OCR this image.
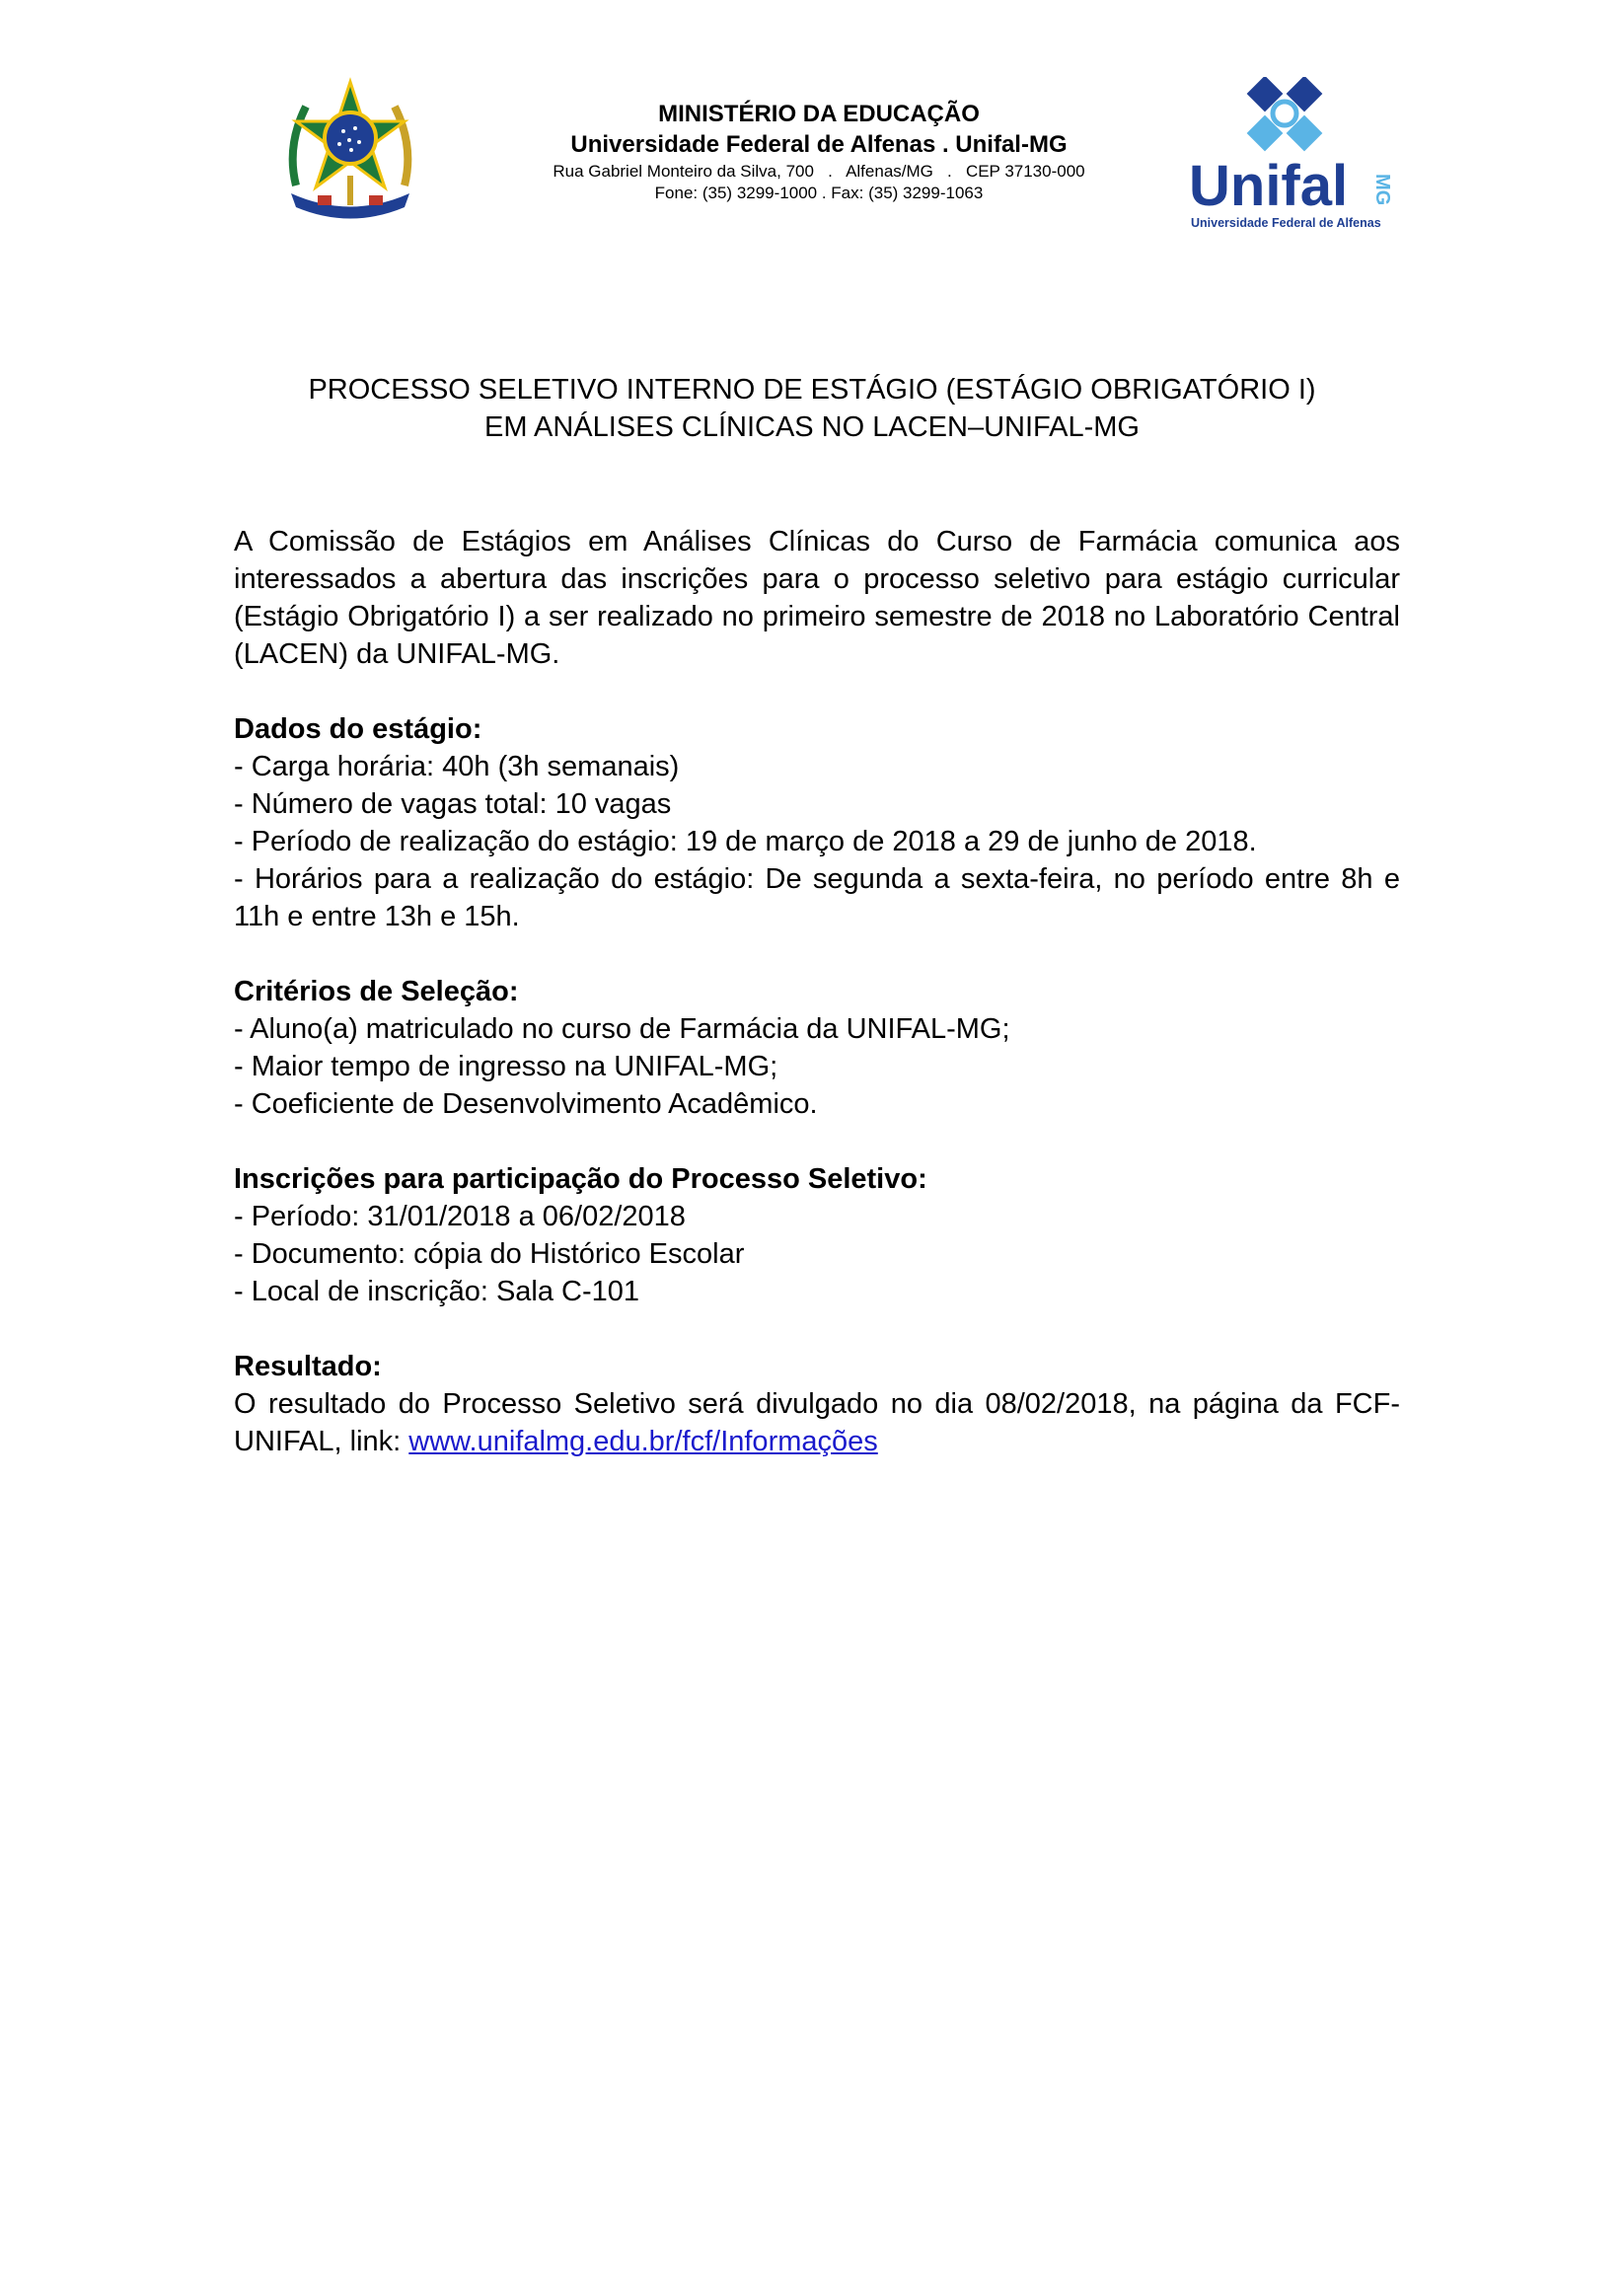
MINISTÉRIO DA EDUCAÇÃO
Universidade Federal de Alfenas . Unifal-MG
Rua Gabriel Monteiro da Silva, 700   .   Alfenas/MG   .   CEP 37130-000
Fone: (35) 3299-1000 . Fax: (35) 3299-1063	Unifal MG
Universidade Federal de Alfenas
PROCESSO SELETIVO INTERNO DE ESTÁGIO (ESTÁGIO OBRIGATÓRIO I)
EM ANÁLISES CLÍNICAS NO LACEN–UNIFAL-MG

A Comissão de Estágios em Análises Clínicas do Curso de Farmácia comunica aos interessados a abertura das inscrições para o processo seletivo para estágio curricular (Estágio Obrigatório I) a ser realizado no primeiro semestre de 2018 no Laboratório Central (LACEN) da UNIFAL-MG.

Dados do estágio:
- Carga horária: 40h (3h semanais)
- Número de vagas total: 10 vagas
- Período de realização do estágio: 19 de março de 2018 a 29 de junho de 2018.
- Horários para a realização do estágio: De segunda a sexta-feira, no período entre 8h e 11h e entre 13h e 15h.
Critérios de Seleção:
- Aluno(a) matriculado no curso de Farmácia da UNIFAL-MG;
- Maior tempo de ingresso na UNIFAL-MG;
- Coeficiente de Desenvolvimento Acadêmico.
Inscrições para participação do Processo Seletivo:
- Período: 31/01/2018 a 06/02/2018
- Documento: cópia do Histórico Escolar
- Local de inscrição: Sala C-101
Resultado:

O resultado do Processo Seletivo será divulgado no dia 08/02/2018, na página da FCF-UNIFAL, link: www.unifalmg.edu.br/fcf/Informações
